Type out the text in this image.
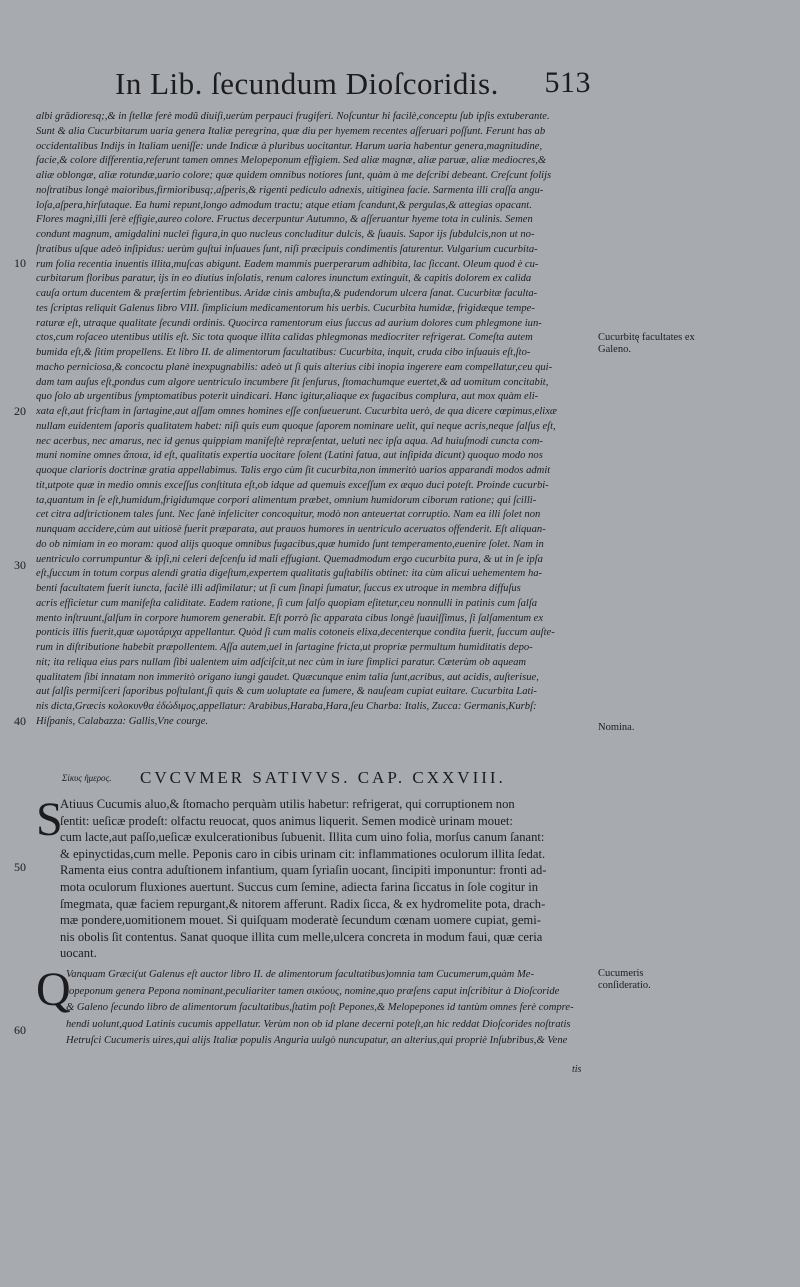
In Lib. ſecundum Dioſcoridis. 513
albi grādioresq;,& in ſtellæ ferè modũ diuiſi,uerùm perpauci frugiferi. Noſcuntur hi facilè,conceptu ſub ipſis extuberante.
Sunt & alia Cucurbitarum uaria genera Italiæ peregrina, quæ diu per hyemem recentes aſſeruari poſſunt. Ferunt has ab
occidentalibus Indijs in Italiam ueniſſe: unde Indicæ à pluribus uocitantur. Harum uaria habentur genera,magnitudine,
facie,& colore differentia,referunt tamen omnes Melopeponum effigiem. Sed aliæ magnæ, aliæ paruæ, aliæ mediocres,&
aliæ oblongæ, aliæ rotundæ,uario colore; quæ quidem omnibus notiores ſunt, quàm à me deſcribi debeant. Creſcunt folijs
noſtratibus longè maioribus,firmioribusq;,aſperis,& rigenti pediculo adnexis, uitiginea facie. Sarmenta illi craſſa angu-
loſa,aſpera,hirſutaque. Ea humi repunt,longo admodum tractu; atque etiam ſcandunt,& pergulas,& attegias opacant.
Flores magni,illi ſerè effigie,aureo colore. Fructus decerpuntur Autumno, & aſſeruantur hyeme tota in culinis. Semen
condunt magnum, amigdalini nuclei figura,in quo nucleus concluditur dulcis, & ſuauis. Sapor ijs ſubdulcis,non ut no-
ſtratibus uſque adeò inſipidus: uerùm guſtui inſuaues ſunt, niſi præcipuis condimentis ſaturentur. Vulgarium cucurbita-
rum folia recentia inuentis illita,muſcas abigunt. Eadem mammis puerperarum adhibita, lac ſiccant. Oleum quod è cu-
curbitarum floribus paratur, ijs in eo diutius inſolatis, renum calores inunctum extinguit, & capitis dolorem ex calida
cauſa ortum ducentem & præſertim febrientibus. Aridæ cinis ambuſta,& pudendorum ulcera ſanat. Cucurbitæ faculta-
tes ſcriptas reliquit Galenus libro VIII. ſimplicium medicamentorum his uerbis. Cucurbita humidæ, frigidæque tempe-
raturæ eſt, utraque qualitate ſecundi ordinis. Quocirca ramentorum eius ſuccus ad aurium dolores cum phlegmone iun-
ctos,cum roſaceo utentibus utilis eſt. Sic tota quoque illita calidas phlegmonas mediocriter refrigerat. Comeſta autem
bumida eſt,& ſitim propellens. Et libro II. de alimentorum facultatibus: Cucurbita, inquit, cruda cibo inſuauis eſt,ſto-
macho perniciosa,& concoctu planè inexpugnabilis: adeò ut ſi quis alterius cibi inopia ingerere eam compellatur,ceu qui-
dam tam auſus eſt,pondus cum algore uentriculo incumbere ſit ſenſurus, ſtomachumque euertet,& ad uomitum concitabit,
quo ſolo ab urgentibus ſymptomatibus poterit uindicari. Hanc igitur,aliaque ex fugacibus complura, aut mox quàm eli-
xata eſt,aut fricſtam in ſartagine,aut aſſam omnes homines eſſe conſueuerunt. Cucurbita uerò, de qua dicere cœpimus,elixæ
nullam euidentem ſaporis qualitatem habet: niſi quis eum quoque ſaporem nominare uelit, qui neque acris,neque ſalſus eſt,
nec acerbus, nec amarus, nec id genus quippiam manifeſtè repræſentat, ueluti nec ipſa aqua. Ad huiuſmodi cuncta com-
muni nomine omnes ἄποια, id eſt, qualitatis expertia uocitare ſolent (Latini fatua, aut inſipida dicunt) quoquo modo nos
quoque clarioris doctrinæ gratia appellabimus. Talis ergo cùm ſit cucurbita,non immeritò uarios apparandi modos admit
tit,utpote quæ in medio omnis exceſſus conſtituta eſt,ob idque ad quemuis exceſſum ex æquo duci poteſt. Proinde cucurbi-
ta,quantum in ſe eſt,humidum,frigidumque corpori alimentum præbet, omnium humidorum ciborum ratione; qui ſcilli-
cet citra adſtrictionem tales ſunt. Nec ſanè infeliciter concoquitur, modò non anteuertat corruptio. Nam ea illi ſolet non
nunquam accidere,cùm aut uitiosè fuerit præparata, aut prauos humores in uentriculo aceruatos offenderit. Eſt aliquan-
do ob nimiam in eo moram: quod alijs quoque omnibus fugacibus,quæ humido ſunt temperamento,euenire ſolet. Nam in
uentriculo corrumpuntur & ipſi,ni celeri deſcenſu id mali effugiant. Quemadmodum ergo cucurbita pura, & ut in ſe ipſa
eſt,ſuccum in totum corpus alendi gratia digeſtum,expertem qualitatis guſtabilis obtinet: ita cùm alicui uehementem ha-
benti facultatem fuerit iuncta, facilè illi adſimilatur; ut ſi cum ſinapi ſumatur, ſuccus ex utroque in membra diffuſus
acris efficietur cum manifeſta caliditate. Eadem ratione, ſi cum ſalſo quopiam eſitetur,ceu nonnulli in patinis cum ſalſa
mento inſtruunt,ſalſum in corpore humorem generabit. Eſt porrò ſic apparata cibus longè ſuauiſſimus, ſi ſalſamentum ex
ponticis illis fuerit,quæ ωμοτάριχα appellantur. Quòd ſi cum malis cotoneis elixa,decenterque condita fuerit, ſuccum auſte-
rum in diſtributione habebit præpollentem. Aſſa autem,uel in ſartagine fricta,ut propriæ permultum humiditatis depo-
nit; ita reliqua eius pars nullam ſibi ualentem uim adſciſcit,ut nec cùm in iure ſimplici paratur. Cæterùm ob aqueam
qualitatem ſibi innatam non immeritò origano iungi gaudet. Quæcunque enim talia ſunt,acribus, aut acidis, auſterisue,
aut ſalſis permiſceri ſaporibus poſtulant,ſi quis & cum uoluptate ea ſumere, & nauſeam cupiat euitare. Cucurbita Lati-
nis dicta,Græcis κολοκυνθα ἐδώδιμος,appellatur: Arabibus,Haraba,Hara,ſeu Charba: Italis, Zucca: Germanis,Kurbſ:
Hiſpanis, Calabazza: Gallis,Vne courge.
Σίκυς ἥμερος. CVCVMER SATIVVS. CAP. CXXVIII.
S
Atiuus Cucumis aluo,& ſtomacho perquàm utilis habetur: refrigerat, qui corruptionem non
ſentit: ueſicæ prodeſt: olfactu reuocat, quos animus liquerit. Semen modicè urinam mouet:
cum lacte,aut paſſo,ueſicæ exulcerationibus ſubuenit. Illita cum uino folia, morſus canum ſanant:
& epinyctidas,cum melle. Peponis caro in cibis urinam cit: inflammationes oculorum illita ſedat.
Ramenta eius contra aduſtionem infantium, quam ſyriaſin uocant, ſincipiti imponuntur: fronti ad-
mota oculorum fluxiones auertunt. Succus cum ſemine, adiecta farina ſiccatus in ſole cogitur in
ſmegmata, quæ faciem repurgant,& nitorem afferunt. Radix ſicca, & ex hydromelite pota, drach-
mæ pondere,uomitionem mouet. Si quiſquam moderatè ſecundum cœnam uomere cupiat, gemi-
nis obolis ſit contentus. Sanat quoque illita cum melle,ulcera concreta in modum faui, quæ ceria
uocant.
Q
Vanquam Græci(ut Galenus eſt auctor libro II. de alimentorum facultatibus)omnia tam Cucumerum,quàm Me-
lopeponum genera Pepona nominant,peculiariter tamen σικύους, nomine,quo præſens caput inſcribitur à Dioſcoride
& Galeno ſecundo libro de alimentorum facultatibus,ſtatim poſt Pepones,& Melopepones id tantùm omnes ferè compre-
hendi uolunt,quod Latinis cucumis appellatur. Verùm non ob id plane decerni poteſt,an hic reddat Dioſcorides noſtratis
Hetruſci Cucumeris uires,qui alijs Italiæ populis Anguria uulgò nuncupatur, an alterius,qui propriè Inſubribus,& Vene
tis
10
20
30
40
50
60
Cucurbitę facultates ex Galeno.
Nomina.
Cucumeris conſideratio.
